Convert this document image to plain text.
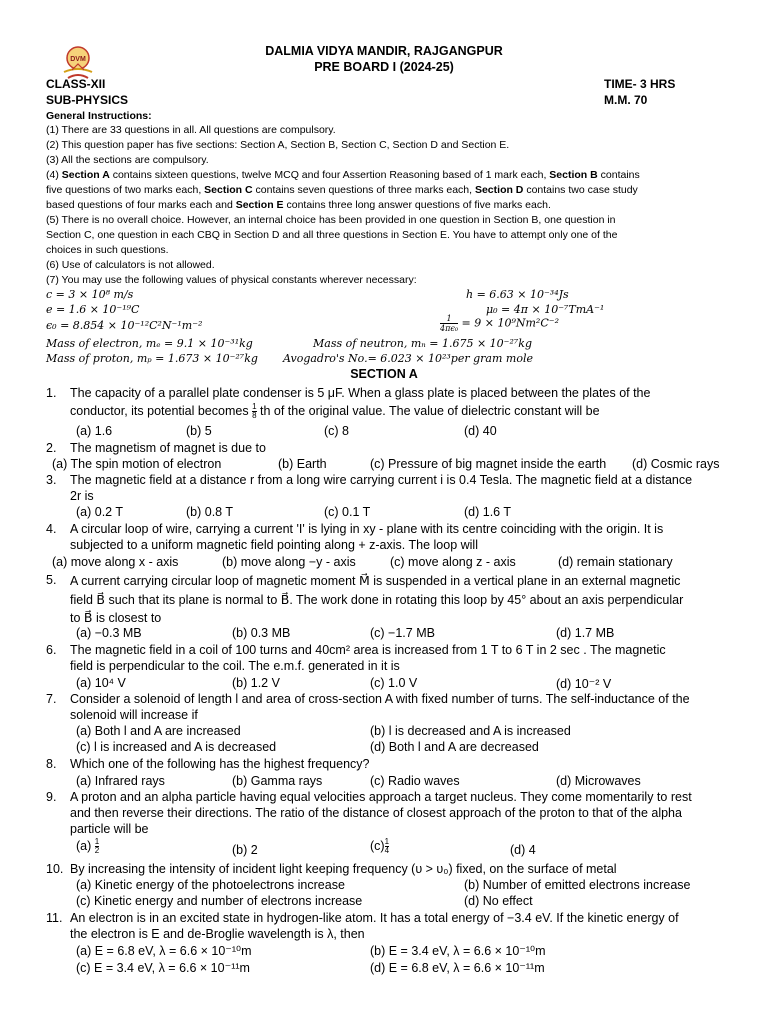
DVM
DALMIA VIDYA MANDIR, RAJGANGPUR
PRE BOARD I (2024-25)
CLASS-XII	TIME- 3 HRS
SUB-PHYSICS	M.M. 70
General Instructions:
(1) There are 33 questions in all. All questions are compulsory.
(2) This question paper has five sections: Section A, Section B, Section C, Section D and Section E.
(3) All the sections are compulsory.
(4) Section A contains sixteen questions, twelve MCQ and four Assertion Reasoning based of 1 mark each, Section B contains
five questions of two marks each, Section C contains seven questions of three marks each, Section D contains two case study
based questions of four marks each and Section E contains three long answer questions of five marks each.
(5) There is no overall choice. However, an internal choice has been provided in one question in Section B, one question in
Section C, one question in each CBQ in Section D and all three questions in Section E. You have to attempt only one of the
choices in such questions.
(6) Use of calculators is not allowed.
(7) You may use the following values of physical constants wherever necessary:
c = 3 × 10⁸ m/s	h = 6.63 × 10⁻³⁴Js
e = 1.6 × 10⁻¹⁹C	μ₀ = 4π × 10⁻⁷TmA⁻¹
ϵ₀ = 8.854 × 10⁻¹²C²N⁻¹m⁻²	$\frac{1}{\text{4πϵ₀}} = 9 \times 10^9Nm^2C^{-2}$
Mass of electron, mₑ = 9.1 × 10⁻³¹kg	Mass of neutron, mₙ = 1.675 × 10⁻²⁷kg
Mass of proton, mₚ = 1.673 × 10⁻²⁷kg Avogadro's No.= 6.023 × 10²³per gram mole
SECTION A
1. The capacity of a parallel plate condenser is 5 μF. When a glass plate is placed between the plates of the
conductor, its potential becomes $\frac{1}{8}$ th of the original value. The value of dielectric constant will be
(a) 1.6	(b) 5	(c) 8	(d) 40
2. The magnetism of magnet is due to
(a) The spin motion of electron	(b) Earth	(c) Pressure of big magnet inside the earth (d) Cosmic rays
3. The magnetic field at a distance r from a long wire carrying current i is 0.4 Tesla. The magnetic field at a distance
2r is
(a) 0.2 T	(b) 0.8 T	(c) 0.1 T	(d) 1.6 T
4. A circular loop of wire, carrying a current 'I' is lying in xy - plane with its centre coinciding with the origin. It is
subjected to a uniform magnetic field pointing along + z-axis. The loop will
(a) move along x - axis	(b) move along −y - axis	(c) move along z - axis	(d) remain stationary
5. A current carrying circular loop of magnetic moment M⃗ is suspended in a vertical plane in an external magnetic
field B⃗ such that its plane is normal to B⃗. The work done in rotating this loop by 45° about an axis perpendicular
to B⃗ is closest to
(a) −0.3 MB	(b) 0.3 MB	(c) −1.7 MB	(d) 1.7 MB
6. The magnetic field in a coil of 100 turns and 40cm² area is increased from 1 T to 6 T in 2 sec . The magnetic
field is perpendicular to the coil. The e.m.f. generated in it is
(a) 10⁴ V	(b) 1.2 V	(c) 1.0 V	(d) 10⁻² V
7. Consider a solenoid of length l and area of cross-section A with fixed number of turns. The self-inductance of the
solenoid will increase if
(a) Both l and A are increased	(b) l is decreased and A is increased
(c) l is increased and A is decreased	(d) Both l and A are decreased
8. Which one of the following has the highest frequency?
(a) Infrared rays	(b) Gamma rays	(c) Radio waves	(d) Microwaves
9. A proton and an alpha particle having equal velocities approach a target nucleus. They come momentarily to rest
and then reverse their directions. The ratio of the distance of closest approach of the proton to that of the alpha
particle will be
$(a) \frac{1}{2}$	(b) 2	$(c) \frac{1}{4}$	(d) 4
10. By increasing the intensity of incident light keeping frequency (υ > υ₀) fixed, on the surface of metal
(a) Kinetic energy of the photoelectrons increase	(b) Number of emitted electrons increase
(c) Kinetic energy and number of electrons increase	(d) No effect
11. An electron is in an excited state in hydrogen-like atom. It has a total energy of −3.4 eV. If the kinetic energy of
the electron is E and de-Broglie wavelength is λ, then
(a) E = 6.8 eV, λ = 6.6 × 10⁻¹⁰m	(b) E = 3.4 eV, λ = 6.6 × 10⁻¹⁰m
(c) E = 3.4 eV, λ = 6.6 × 10⁻¹¹m	(d) E = 6.8 eV, λ = 6.6 × 10⁻¹¹m
